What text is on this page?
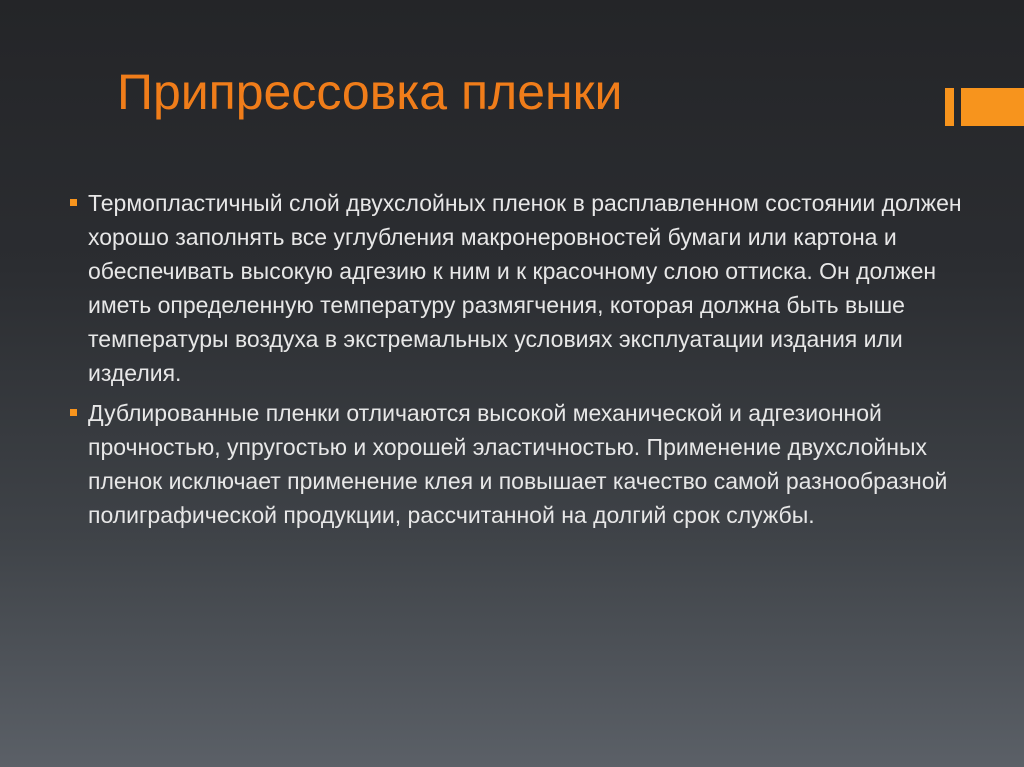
Припрессовка пленки
Термопластичный слой двухслойных пленок в расплавленном состоянии должен хорошо заполнять все углубления макронеровностей бумаги или картона и обеспечивать высокую адгезию к ним и к красочному слою оттиска. Он должен иметь определенную температуру размягчения, которая должна быть выше температуры воздуха в экстремальных условиях эксплуатации издания или изделия.
Дублированные пленки отличаются высокой механической и адгезионной прочностью, упругостью и хорошей эластичностью. Применение двухслойных пленок исключает применение клея и повышает качество самой разнообразной полиграфической продукции, рассчитанной на долгий срок службы.
